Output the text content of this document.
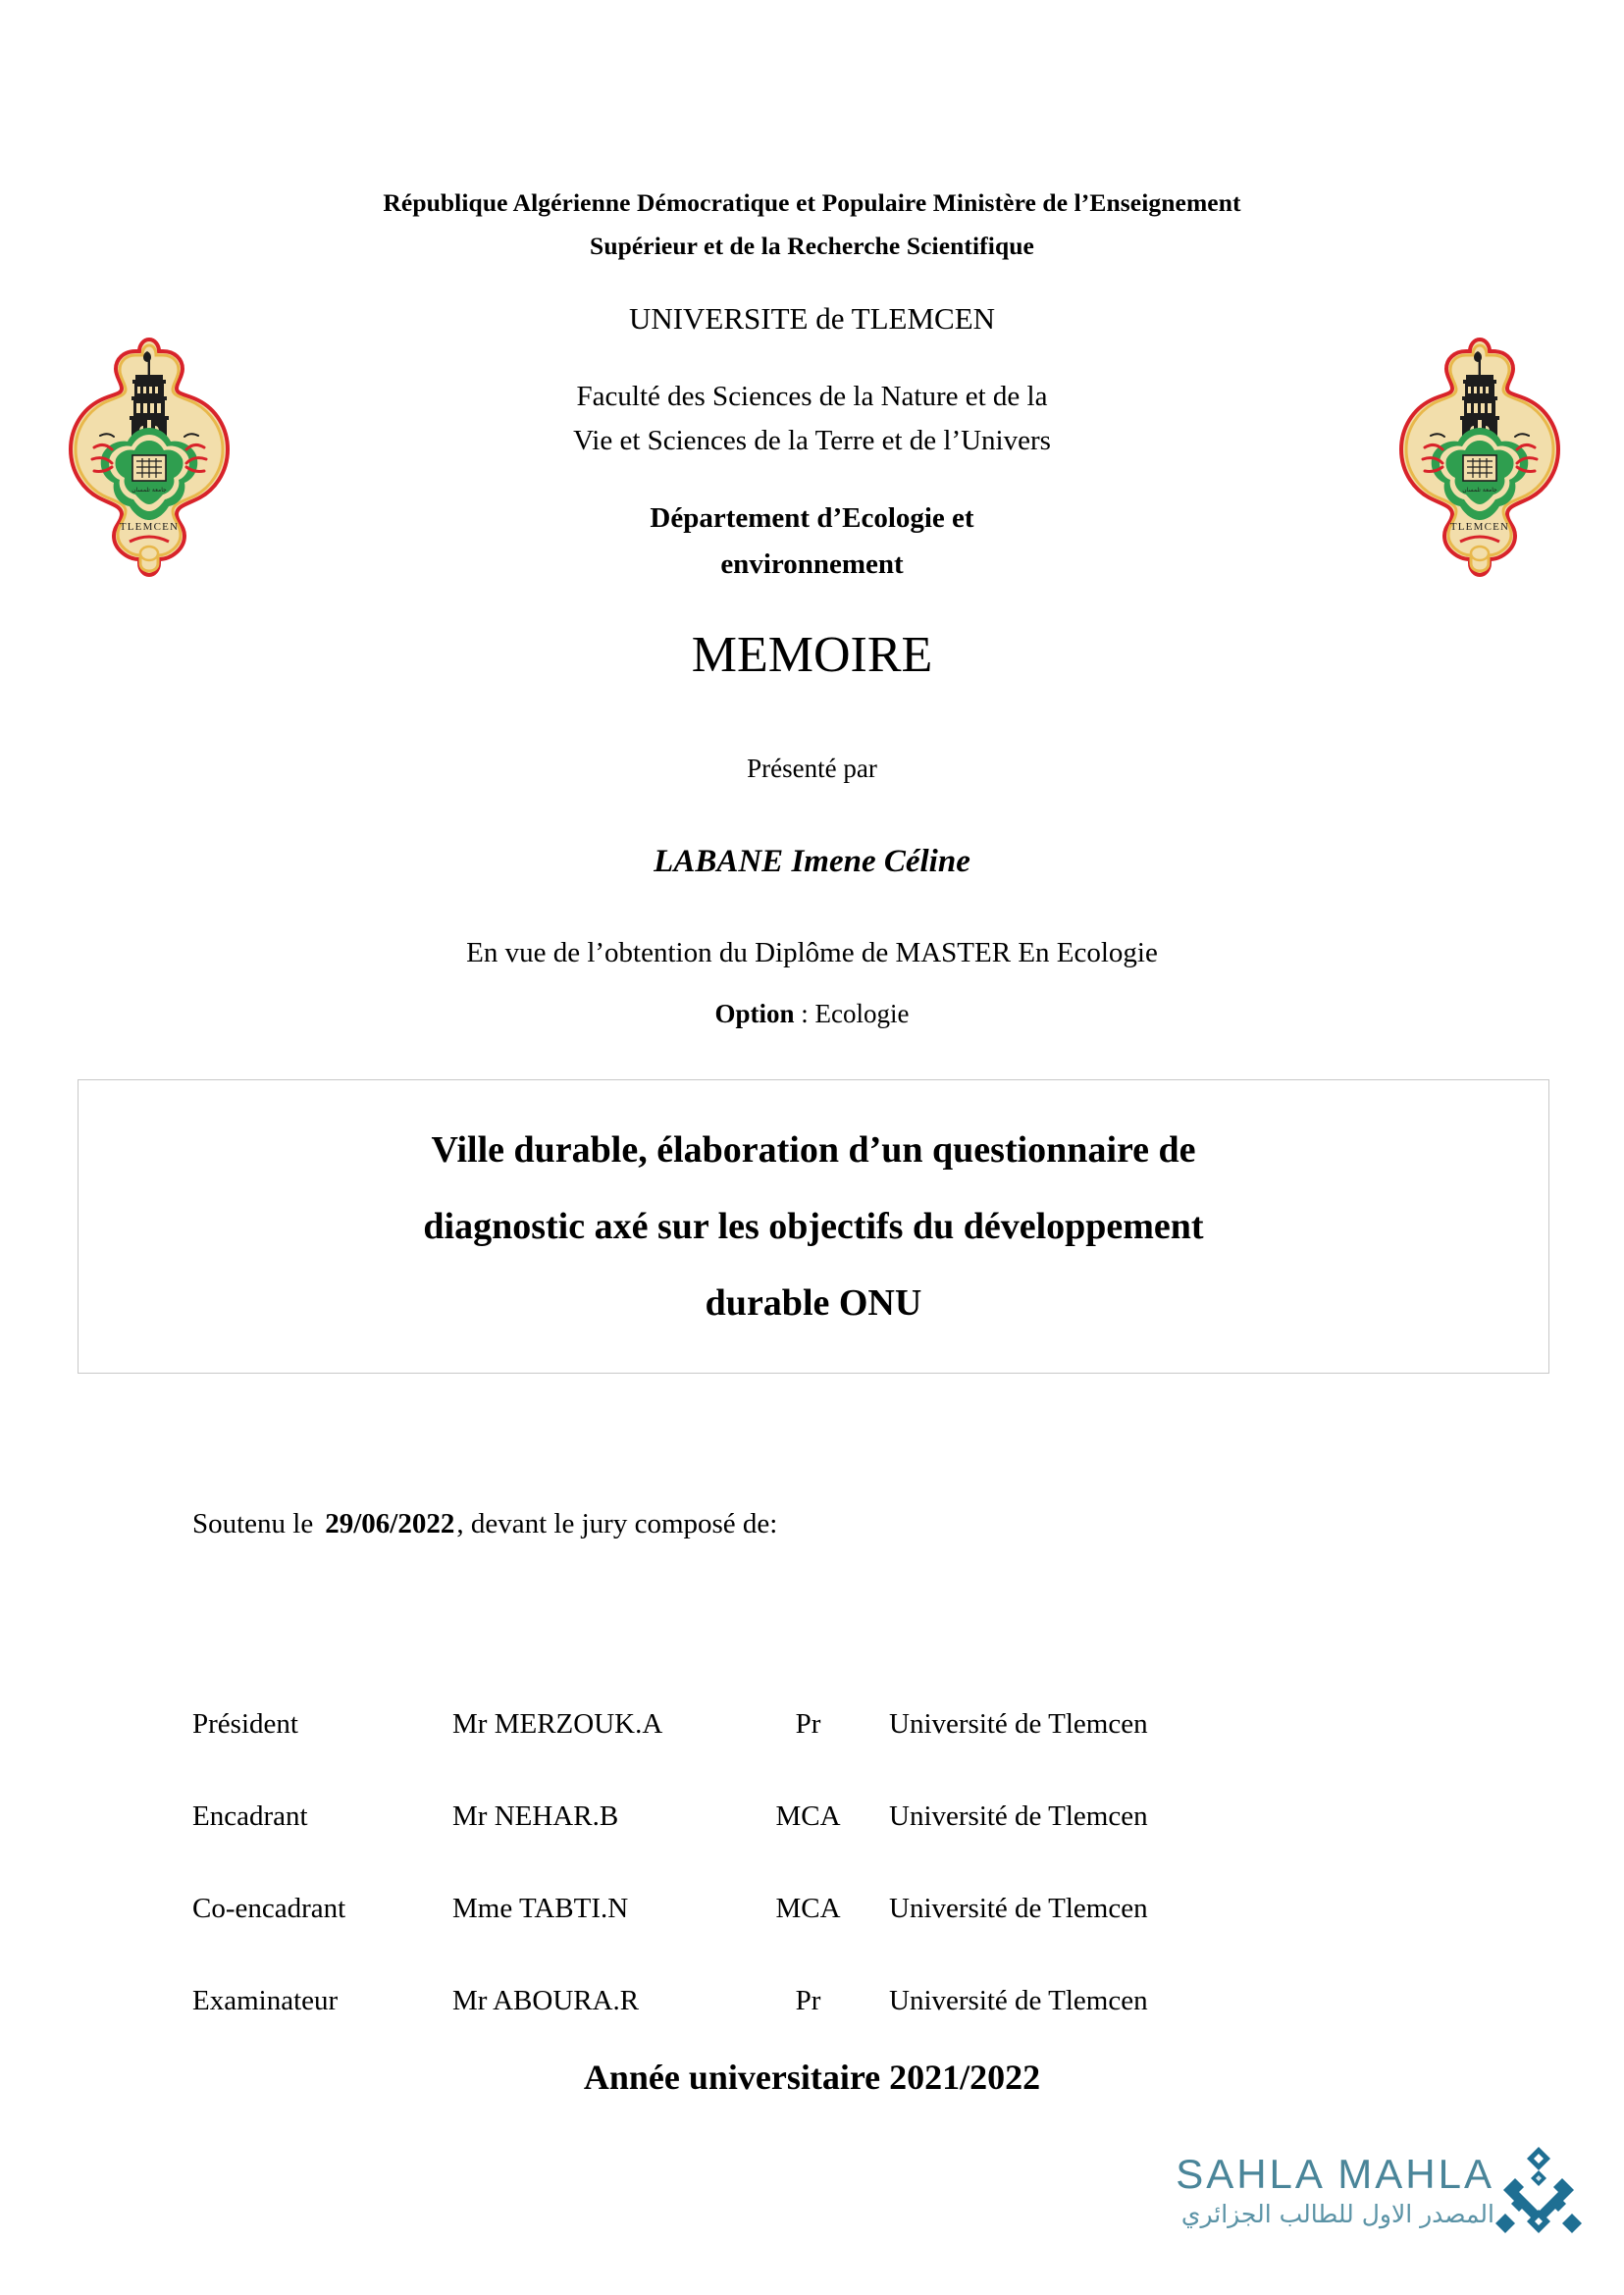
جامعة تلمسان
TLEMCEN
جامعة تلمسان
TLEMCEN
République Algérienne Démocratique et Populaire Ministère de l’Enseignement
Supérieur et de la Recherche Scientifique
UNIVERSITE de TLEMCEN
Faculté des Sciences de la Nature et de la
Vie et Sciences de la Terre et de l’Univers
Département d’Ecologie et
environnement
MEMOIRE
Présenté par
LABANE Imene Céline
En vue de l’obtention du Diplôme de MASTER En Ecologie
Option : Ecologie
Ville durable, élaboration d’un questionnaire de
diagnostic axé sur les objectifs du développement
durable ONU
Soutenu le 29/06/2022, devant le jury composé de:
Président	Mr MERZOUK.A	Pr	Université de Tlemcen
Encadrant	Mr NEHAR.B	MCA	Université de Tlemcen
Co-encadrant	Mme TABTI.N	MCA	Université de Tlemcen
Examinateur	Mr ABOURA.R	Pr	Université de Tlemcen
Année universitaire 2021/2022
SAHLA MAHLA
المصدر الاول للطالب الجزائري
